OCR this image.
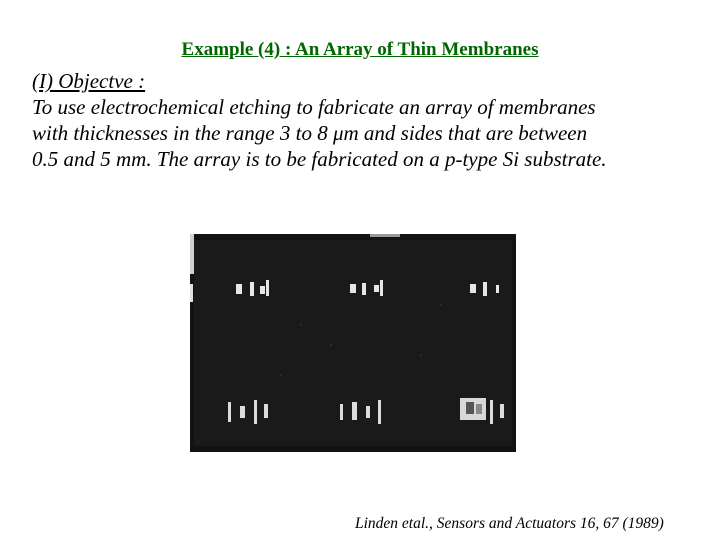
Example (4) : An Array of Thin Membranes
(I) Objectve :
To use electrochemical etching to fabricate an array of membranes
with thicknesses in the range 3 to 8 μm and sides that are between
0.5 and 5 mm. The array is to be fabricated on a p-type Si substrate.
Linden etal., Sensors and Actuators 16, 67 (1989)
